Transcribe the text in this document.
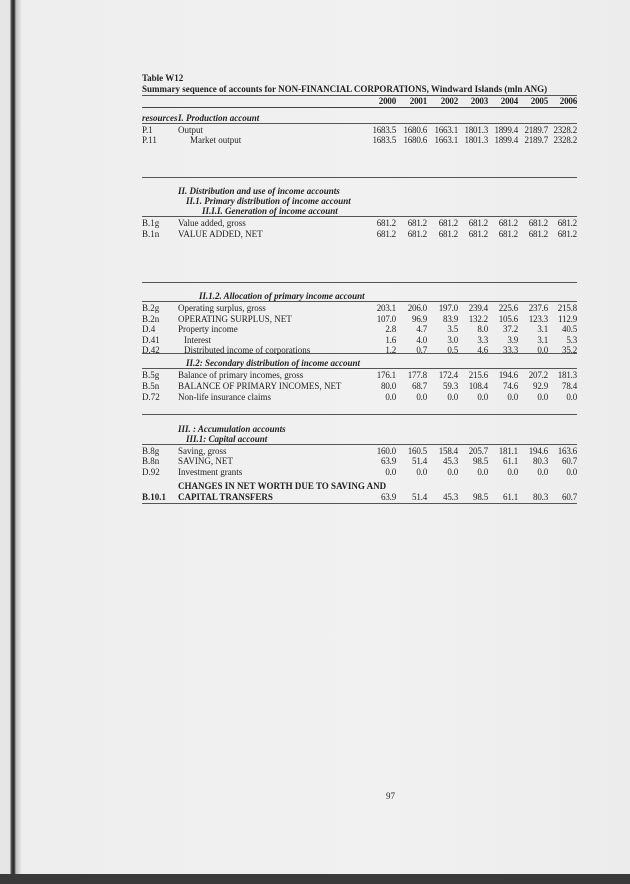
Table W12
Summary sequence of accounts for NON-FINANCIAL CORPORATIONS, Windward Islands (mln ANG)
2000	2001	2002	2003	2004	2005	2006
resources I. Production account
II. Distribution and use of income accounts
II.1. Primary distribution of income account
II.I.I. Generation of income account
II.1.2. Allocation of primary income account
II.2: Secondary distribution of income account
III. : Accumulation accounts
III.1: Capital account
CHANGES IN NET WORTH DUE TO SAVING AND
P.1	Output	1683.5 1680.6 1663.1 1801.3 1899.4 2189.7 2328.2
P.11	Market output	1683.5 1680.6 1663.1 1801.3 1899.4 2189.7 2328.2
B.1g Value added, gross	681.2	681.2	681.2	681.2	681.2	681.2	681.2
B.1n VALUE ADDED, NET	681.2	681.2	681.2	681.2	681.2	681.2	681.2
B.2g Operating surplus, gross	203.1	206.0	197.0	239.4	225.6	237.6	215.8
B.2n OPERATING SURPLUS, NET	107.0	96.9	83.9	132.2	105.6	123.3	112.9
D.4	Property income	2.8	4.7	3.5	8.0	37.2	3.1	40.5
D.41	Interest	1.6	4.0	3.0	3.3	3.9	3.1	5.3
D.42	Distributed income of corporations	1.2	0.7	0.5	4.6	33.3	0.0	35.2
B.5g Balance of primary incomes, gross	176.1	177.8	172.4	215.6	194.6	207.2	181.3
B.5n BALANCE OF PRIMARY INCOMES, NET	80.0	68.7	59.3	108.4	74.6	92.9	78.4
D.72 Non-life insurance claims	0.0	0.0	0.0	0.0	0.0	0.0	0.0
B.8g Saving, gross	160.0	160.5	158.4	205.7	181.1	194.6	163.6
B.8n SAVING, NET	63.9	51.4	45.3	98.5	61.1	80.3	60.7
D.92 Investment grants	0.0	0.0	0.0	0.0	0.0	0.0	0.0
B.10.1 CAPITAL TRANSFERS	63.9	51.4	45.3	98.5	61.1	80.3	60.7
97
